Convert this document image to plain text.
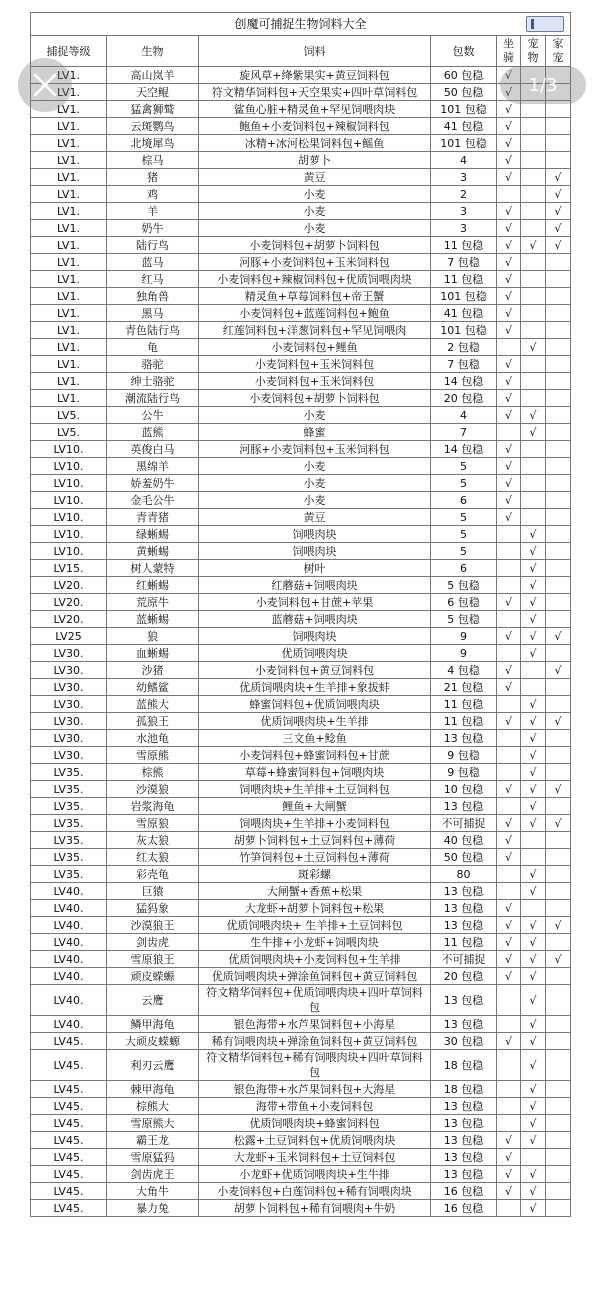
创魔可捕捉生物饲料大全						
捕捉等级	生物	饲料	包数	坐骑	宠物	家宠
LV1.	高山岚羊	旋风草+绛紫果实+黄豆饲料包	60 包稳	√		
LV1.	天空鲲	符文精华饲料包+天空果实+四叶草饲料包	50 包稳	√		
LV1.	猛禽狮鹫	鲨鱼心脏+精灵鱼+罕见饲喂肉块	101 包稳	√		
LV1.	云斑鹦鸟	鲍鱼+小麦饲料包+辣椒饲料包	41 包稳	√		
LV1.	北境犀鸟	冰精+冰河松果饲料包+鳐鱼	101 包稳	√		
LV1.	棕马	胡萝卜	4	√		
LV1.	猪	黄豆	3	√		√
LV1.	鸡	小麦	2			√
LV1.	羊	小麦	3	√		√
LV1.	奶牛	小麦	3	√		√
LV1.	陆行鸟	小麦饲料包+胡萝卜饲料包	11 包稳	√	√	√
LV1.	蓝马	河豚+小麦饲料包+玉米饲料包	7 包稳	√		
LV1.	红马	小麦饲料包+辣椒饲料包+优质饲喂肉块	11 包稳	√		
LV1.	独角兽	精灵鱼+草莓饲料包+帝王蟹	101 包稳	√		
LV1.	黑马	小麦饲料包+蓝莲饲料包+鲍鱼	41 包稳	√		
LV1.	青色陆行鸟	红莲饲料包+洋葱饲料包+罕见饲喂肉	101 包稳	√		
LV1.	龟	小麦饲料包+鲤鱼	2 包稳		√	
LV1.	骆驼	小麦饲料包+玉米饲料包	7 包稳	√		
LV1.	绅士骆驼	小麦饲料包+玉米饲料包	14 包稳	√		
LV1.	潮流陆行鸟	小麦饲料包+胡萝卜饲料包	20 包稳	√		
LV5.	公牛	小麦	4	√	√	
LV5.	蓝熊	蜂蜜	7		√	
LV10.	英俊白马	河豚+小麦饲料包+玉米饲料包	14 包稳	√		
LV10.	黑绵羊	小麦	5	√		
LV10.	娇羞奶牛	小麦	5	√		
LV10.	金毛公牛	小麦	6	√		
LV10.	青青猪	黄豆	5	√		
LV10.	绿蜥蜴	饲喂肉块	5		√	
LV10.	黄蜥蜴	饲喂肉块	5		√	
LV15.	树人蒙特	树叶	6		√	
LV20.	红蜥蜴	红蘑菇+饲喂肉块	5 包稳		√	
LV20.	荒原牛	小麦饲料包+甘蔗+苹果	6 包稳	√	√	
LV20.	蓝蜥蜴	蓝蘑菇+饲喂肉块	5 包稳		√	
LV25	狼	饲喂肉块	9	√	√	√
LV30.	血蜥蜴	优质饲喂肉块	9		√	
LV30.	沙猪	小麦饲料包+黄豆饲料包	4 包稳	√		√
LV30.	幼鳍鲨	优质饲喂肉块+生羊排+象拔蚌	21 包稳	√		
LV30.	蓝熊大	蜂蜜饲料包+优质饲喂肉块	11 包稳		√	
LV30.	孤狼王	优质饲喂肉块+生羊排	11 包稳	√	√	√
LV30.	水池龟	三文鱼+鲶鱼	13 包稳		√	
LV30.	雪原熊	小麦饲料包+蜂蜜饲料包+甘蔗	9 包稳		√	
LV35.	棕熊	草莓+蜂蜜饲料包+饲喂肉块	9 包稳		√	
LV35.	沙漠狼	饲喂肉块+生羊排+土豆饲料包	10 包稳	√	√	√
LV35.	岩浆海龟	鲤鱼+大闸蟹	13 包稳		√	
LV35.	雪原狼	饲喂肉块+生羊排+小麦饲料包	不可捕捉	√	√	√
LV35.	灰太狼	胡萝卜饲料包+土豆饲料包+薄荷	40 包稳	√		
LV35.	红太狼	竹笋饲料包+土豆饲料包+薄荷	50 包稳	√		
LV35.	彩壳龟	斑彩螺	80		√	
LV40.	巨猿	大闸蟹+香蕉+松果	13 包稳		√	
LV40.	猛犸象	大龙虾+胡萝卜饲料包+松果	13 包稳	√		
LV40.	沙漠狼王	优质饲喂肉块+ 生羊排+土豆饲料包	13 包稳	√	√	√
LV40.	剑齿虎	生牛排+小龙虾+饲喂肉块	11 包稳	√	√	
LV40.	雪原狼王	优质饲喂肉块+小麦饲料包+生羊排	不可捕捉	√	√	√
LV40.	顽皮蝾螈	优质饲喂肉块+弹涂鱼饲料包+黄豆饲料包	20 包稳	√	√	
LV40.	云鹰	符文精华饲料包+优质饲喂肉块+四叶草饲料包	13 包稳		√	
LV40.	鳞甲海龟	银色海带+水芦果饲料包+小海星	13 包稳		√	
LV45.	大顽皮蝾螈	稀有饲喂肉块+弹涂鱼饲料包+黄豆饲料包	30 包稳	√	√	
LV45.	利刃云鹰	符文精华饲料包+稀有饲喂肉块+四叶草饲料包	18 包稳		√	
LV45.	棘甲海龟	银色海带+水芦果饲料包+大海星	18 包稳		√	
LV45.	棕熊大	海带+带鱼+小麦饲料包	13 包稳		√	
LV45.	雪原熊大	优质饲喂肉块+蜂蜜饲料包	13 包稳		√	
LV45.	霸王龙	松露+土豆饲料包+优质饲喂肉块	13 包稳	√	√	
LV45.	雪原猛犸	大龙虾+玉米饲料包+土豆饲料包	13 包稳	√		
LV45.	剑齿虎王	小龙虾+优质饲喂肉块+生牛排	13 包稳	√	√	
LV45.	大角牛	小麦饲料包+白莲饲料包+稀有饲喂肉块	16 包稳	√	√	
LV45.	暴力兔	胡萝卜饲料包+稀有饲喂肉+牛奶	16 包稳		√	
1/3
